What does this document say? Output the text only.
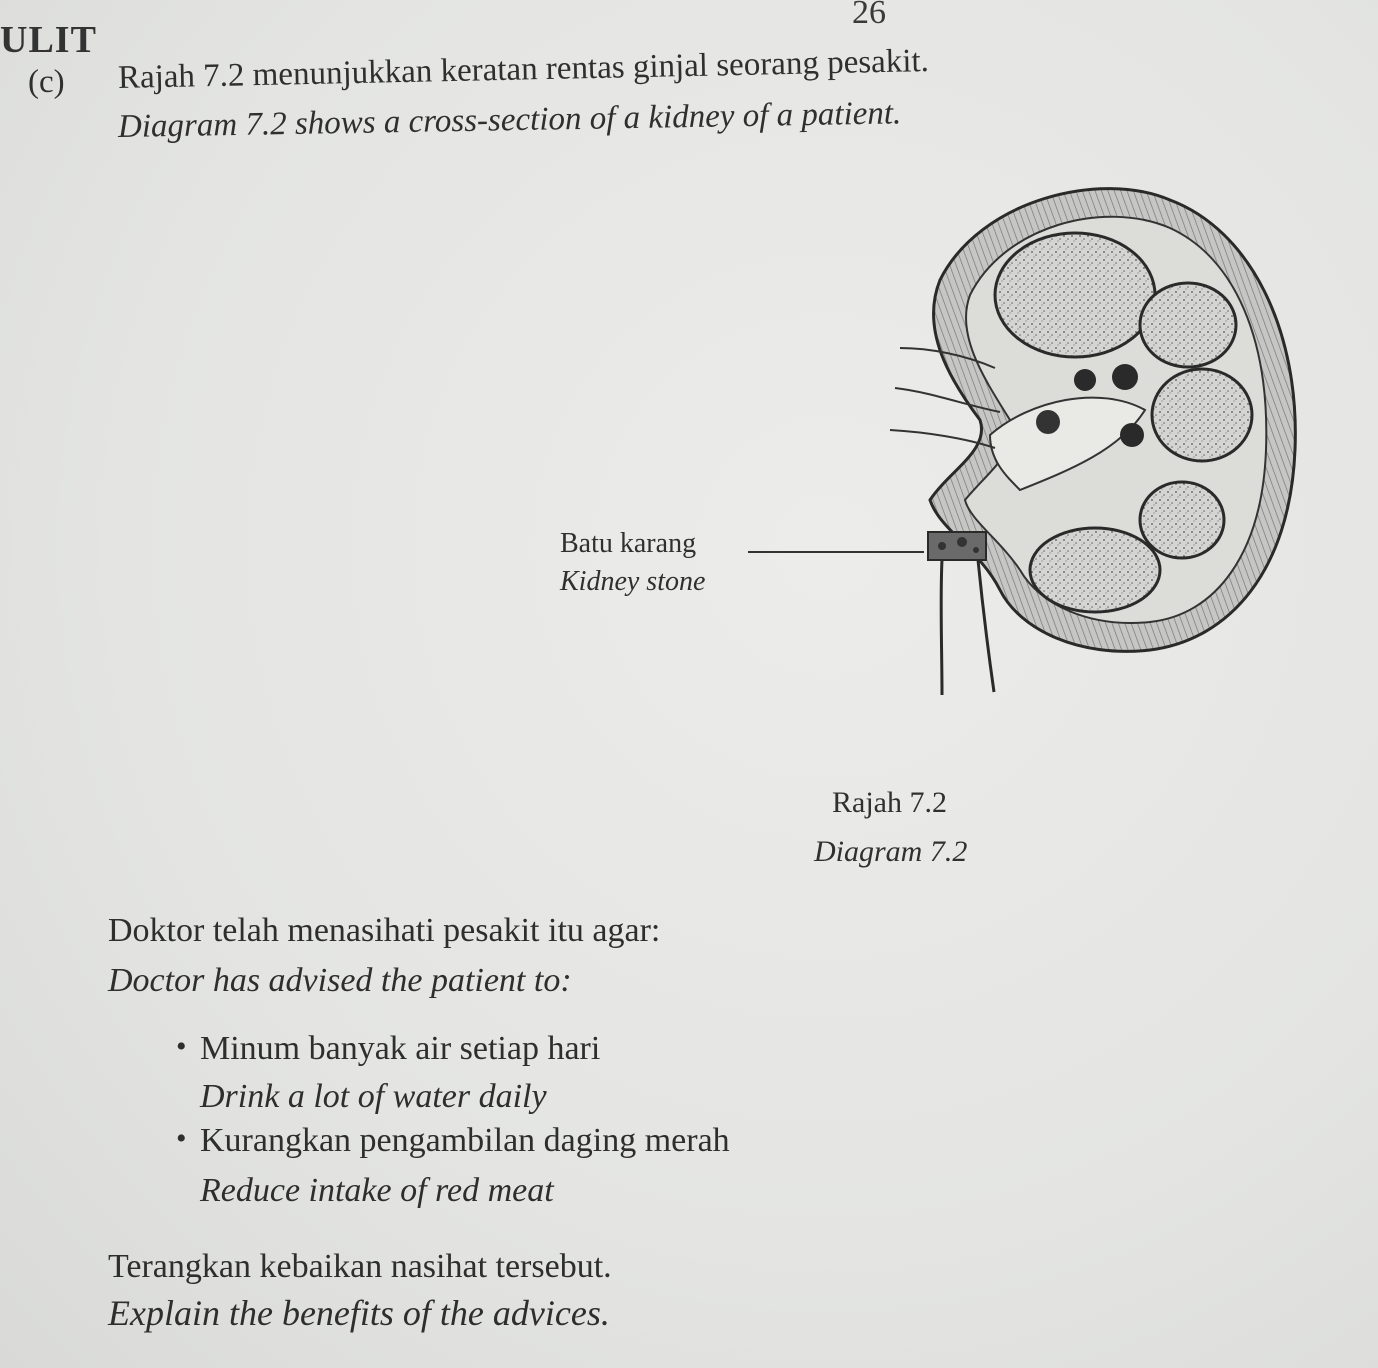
26
ULIT
(c) Rajah 7.2 menunjukkan keratan rentas ginjal seorang pesakit.
Diagram 7.2 shows a cross-section of a kidney of a patient.
Batu karang
Kidney stone
Rajah 7.2
Diagram 7.2
Doktor telah menasihati pesakit itu agar:
Doctor has advised the patient to:
• Minum banyak air setiap hari
Drink a lot of water daily
• Kurangkan pengambilan daging merah
Reduce intake of red meat
Terangkan kebaikan nasihat tersebut.
Explain the benefits of the advices.
